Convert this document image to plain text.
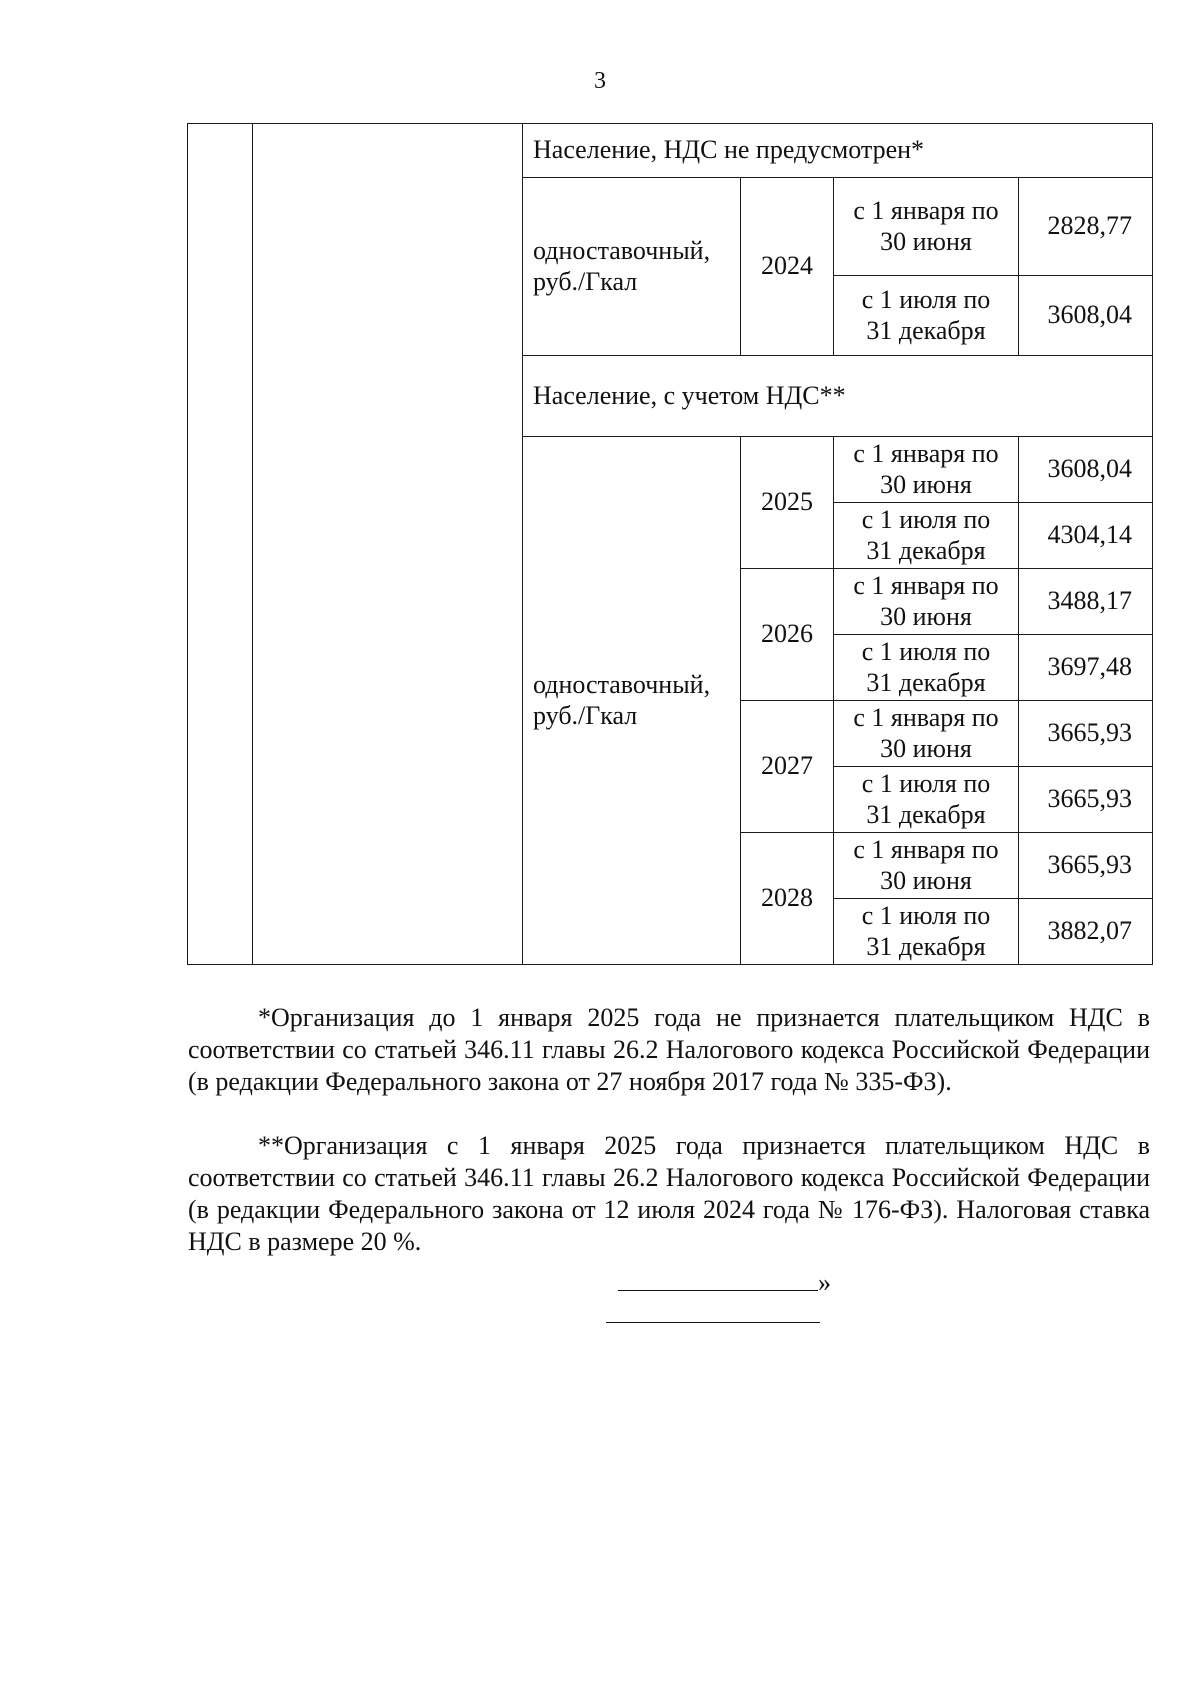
3
		Население, НДС не предусмотрен*			
		одноставочный, руб./Гкал	2024	с 1 января по
30 июня	2828,77
				с 1 июля по
31 декабря	3608,04
		Население, с учетом НДС**			
		одноставочный, руб./Гкал	2025	с 1 января по
30 июня	3608,04
				с 1 июля по
31 декабря	4304,14
			2026	с 1 января по
30 июня	3488,17
				с 1 июля по
31 декабря	3697,48
			2027	с 1 января по
30 июня	3665,93
				с 1 июля по
31 декабря	3665,93
			2028	с 1 января по
30 июня	3665,93
				с 1 июля по
31 декабря	3882,07

*Организация до 1 января 2025 года не признается плательщиком НДС в соответствии со статьей 346.11 главы 26.2 Налогового кодекса Российской Федерации (в редакции Федерального закона от 27 ноября 2017 года № 335-ФЗ).

**Организация с 1 января 2025 года признается плательщиком НДС в соответствии со статьей 346.11 главы 26.2 Налогового кодекса Российской Федерации (в редакции Федерального закона от 12 июля 2024 года № 176-ФЗ). Налоговая ставка НДС в размере 20 %.

»
